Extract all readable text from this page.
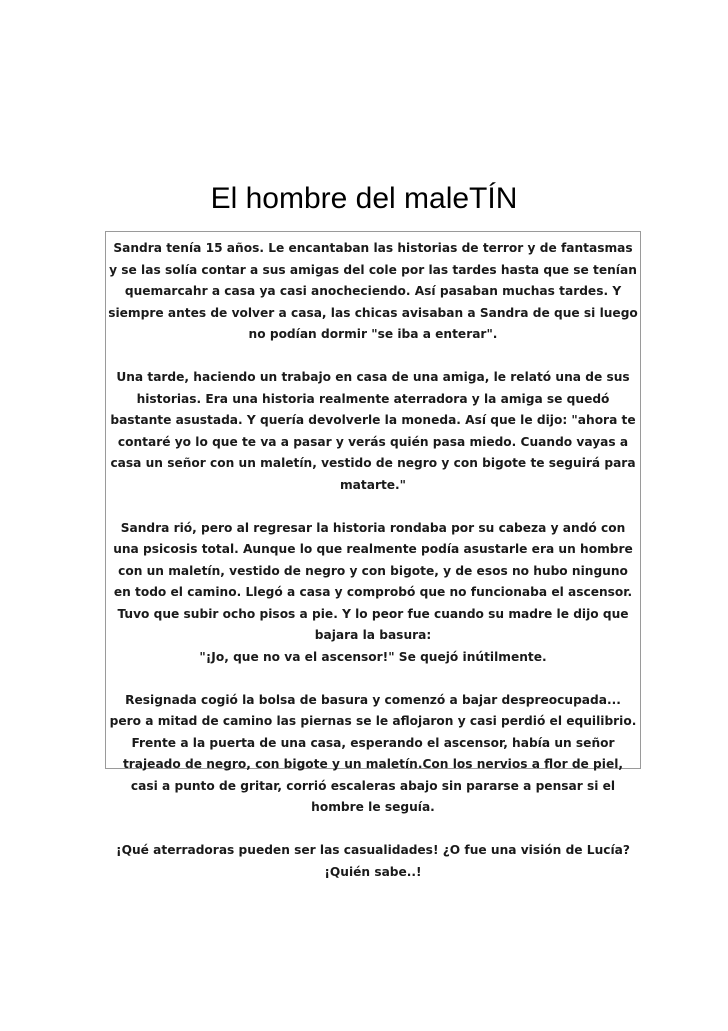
El hombre del maleTÍN

Sandra tenía 15 años. Le encantaban las historias de terror y de fantasmas y se las solía contar a sus amigas del cole por las tardes hasta que se tenían quemarcahr a casa ya casi anocheciendo. Así pasaban muchas tardes. Y siempre antes de volver a casa, las chicas avisaban a Sandra de que si luego no podían dormir "se iba a enterar".

Una tarde, haciendo un trabajo en casa de una amiga, le relató una de sus historias. Era una historia realmente aterradora y la amiga se quedó bastante asustada. Y quería devolverle la moneda. Así que le dijo: "ahora te contaré yo lo que te va a pasar y verás quién pasa miedo. Cuando vayas a casa un señor con un maletín, vestido de negro y con bigote te seguirá para matarte."

Sandra rió, pero al regresar la historia rondaba por su cabeza y andó con una psicosis total. Aunque lo que realmente podía asustarle era un hombre con un maletín, vestido de negro y con bigote, y de esos no hubo ninguno en todo el camino. Llegó a casa y comprobó que no funcionaba el ascensor. Tuvo que subir ocho pisos a pie. Y lo peor fue cuando su madre le dijo que bajara la basura:
"¡Jo, que no va el ascensor!" Se quejó inútilmente.

Resignada cogió la bolsa de basura y comenzó a bajar despreocupada... pero a mitad de camino las piernas se le aflojaron y casi perdió el equilibrio. Frente a la puerta de una casa, esperando el ascensor, había un señor trajeado de negro, con bigote y un maletín.Con los nervios a flor de piel, casi a punto de gritar, corrió escaleras abajo sin pararse a pensar si el hombre le seguía.

¡Qué aterradoras pueden ser las casualidades! ¿O fue una visión de Lucía? ¡Quién sabe..!
